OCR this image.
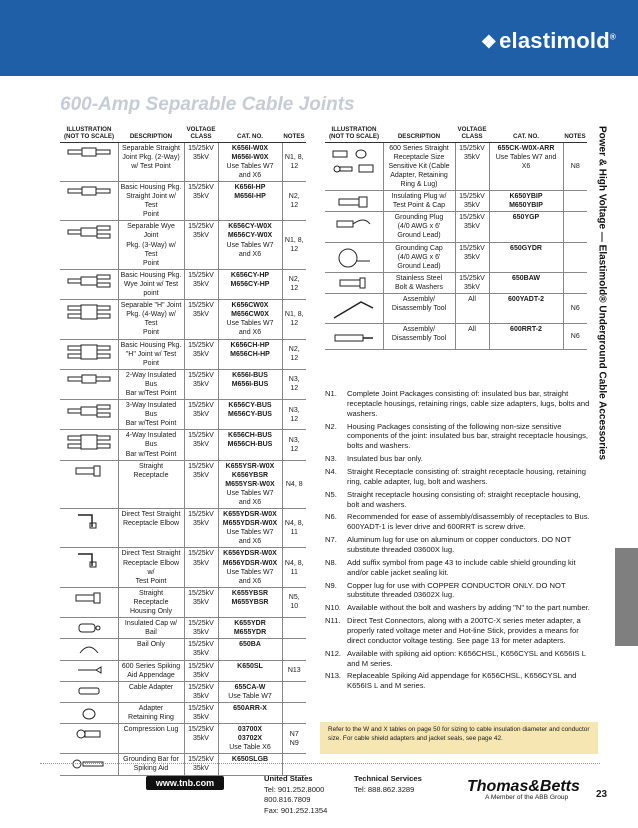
❖elastimold®
600-Amp Separable Cable Joints
Power & High Voltage — Elastimold® Underground Cable Accessories
ILLUSTRATION
(NOT TO SCALE)	DESCRIPTION	VOLTAGE
CLASS	CAT. NO.	NOTES

Separable Straight
Joint Pkg. (2-Way)
w/ Test Point	15/25kV
35kV	K656I-W0X
M656I-W0X
Use Tables W7 and X6	N1, 8, 12

Basic Housing Pkg.
Straight Joint w/ Test
Point	15/25kV
35kV	K656I-HP
M656I-HP	N2, 12

Separable Wye Joint
Pkg. (3-Way) w/ Test
Point	15/25kV
35kV	K656CY-W0X
M656CY-W0X
Use Tables W7 and X6	N1, 8, 12

Basic Housing Pkg.
Wye Joint w/ Test
point	15/25kV
35kV	K656CY-HP
M656CY-HP	N2, 12

Separable "H" Joint
Pkg. (4-Way) w/ Test
Point	15/25kV
35kV	K656CW0X
M656CW0X
Use Tables W7 and X6	N1, 8, 12

Basic Housing Pkg.
"H" Joint w/ Test
Point	15/25kV
35kV	K656CH-HP
M656CH-HP	N2, 12

2-Way Insulated Bus
Bar w/Test Point	15/25kV
35kV	K656I-BUS
M656I-BUS	N3, 12

3-Way Insulated Bus
Bar w/Test Point	15/25kV
35kV	K656CY-BUS
M656CY-BUS	N3, 12

4-Way Insulated Bus
Bar w/Test Point	15/25kV
35kV	K656CH-BUS
M656CH-BUS	N3, 12

Straight Receptacle	15/25kV
35kV	K655YSR-W0X
K656YBSR
M655YSR-W0X
Use Tables W7 and X6	N4, 8

Direct Test Straight
Receptacle Elbow	15/25kV
35kV	K655YDSR-W0X
M655YDSR-W0X
Use Tables W7 and X6	N4, 8, 11

Direct Test Straight
Receptacle Elbow w/
Test Point	15/25kV
35kV	K656YDSR-W0X
M656YDSR-W0X
Use Tables W7 and X6	N4, 8, 11

Straight Receptacle
Housing Only	15/25kV
35kV	K655YBSR
M655YBSR	N5, 10

Insulated Cap w/ Bail	15/25kV
35kV	K655YDR
M655YDR	

Bail Only	15/25kV
35kV	650BA	

600 Series Spiking
Aid Appendage	15/25kV
35kV	K650SL	N13

Cable Adapter	15/25kV
35kV	655CA-W
Use Table W7	

Adapter
Retaining Ring	15/25kV
35kV	650ARR-X	

Compression Lug	15/25kV
35kV	03700X
03702X
Use Table X6	N7
N9

Grounding Bar for
Spiking Aid	15/25kV
35kV	K650SLGB	

ILLUSTRATION
(NOT TO SCALE)	DESCRIPTION	VOLTAGE
CLASS	CAT. NO.	NOTES

600 Series Straight
Receptacle Size
Sensitive Kit (Cable
Adapter, Retaining
Ring & Lug)	15/25kV
35kV	655CK-W0X-ARR
Use Tables W7 and X6	N8

Insulating Plug w/
Test Point & Cap	15/25kV
35kV	K650YBIP
M650YBIP	

Grounding Plug
(4/0 AWG x 6'
Ground Lead)	15/25kV
35kV	650YGP	

Grounding Cap
(4/0 AWG x 6'
Ground Lead)	15/25kV
35kV	650GYDR	

Stainless Steel
Bolt & Washers	15/25kV
35kV	650BAW	

Assembly/
Disassembly Tool	All	600YADT-2	N6

Assembly/
Disassembly Tool	All	600RRT-2	N6
N1.	Complete Joint Packages consisting of: insulated bus bar, straight receptacle housings, retaining rings, cable size adapters, lugs, bolts and washers.
N2.	Housing Packages consisting of the following non-size sensitive components of the joint: insulated bus bar, straight receptacle housings, bolts and washers.
N3.	Insulated bus bar only.
N4.	Straight Receptacle consisting of: straight receptacle housing, retaining ring, cable adapter, lug, bolt and washers.
N5.	Straight receptacle housing consisting of: straight receptacle housing, bolt and washers.
N6.	Recommended for ease of assembly/disassembly of receptacles to Bus. 600YADT-1 is lever drive and 600RRT is screw drive.
N7.	Aluminum lug for use on aluminum or copper conductors. DO NOT substitute threaded 03600X lug.
N8.	Add suffix symbol from page 43 to include cable shield grounding kit and/or cable jacket sealing kit.
N9.	Copper lug for use with COPPER CONDUCTOR ONLY. DO NOT substitute threaded 03602X lug.
N10. Available without the bolt and washers by adding "N" to the part number.
N11. Direct Test Connectors, along with a 200TC-X series meter adapter, a properly rated voltage meter and Hot-line Stick, provides a means for direct conductor voltage testing. See page 13 for meter adapters.
N12. Available with spiking aid option: K656CHSL, K656CYSL and K656IS L and M series.
N13. Replaceable Spiking Aid appendage for K656CHSL, K656CYSL and K656IS L and M series.
Refer to the W and X tables on page 50 for sizing to cable insulation diameter and conductor size. For cable shield adapters and jacket seals, see page 42.
www.tnb.com	United States
Tel: 901.252.8000
800.816.7809
Fax: 901.252.1354
Technical Services
Tel: 888.862.3289	Thomas&Betts
A Member of the ABB Group	23
